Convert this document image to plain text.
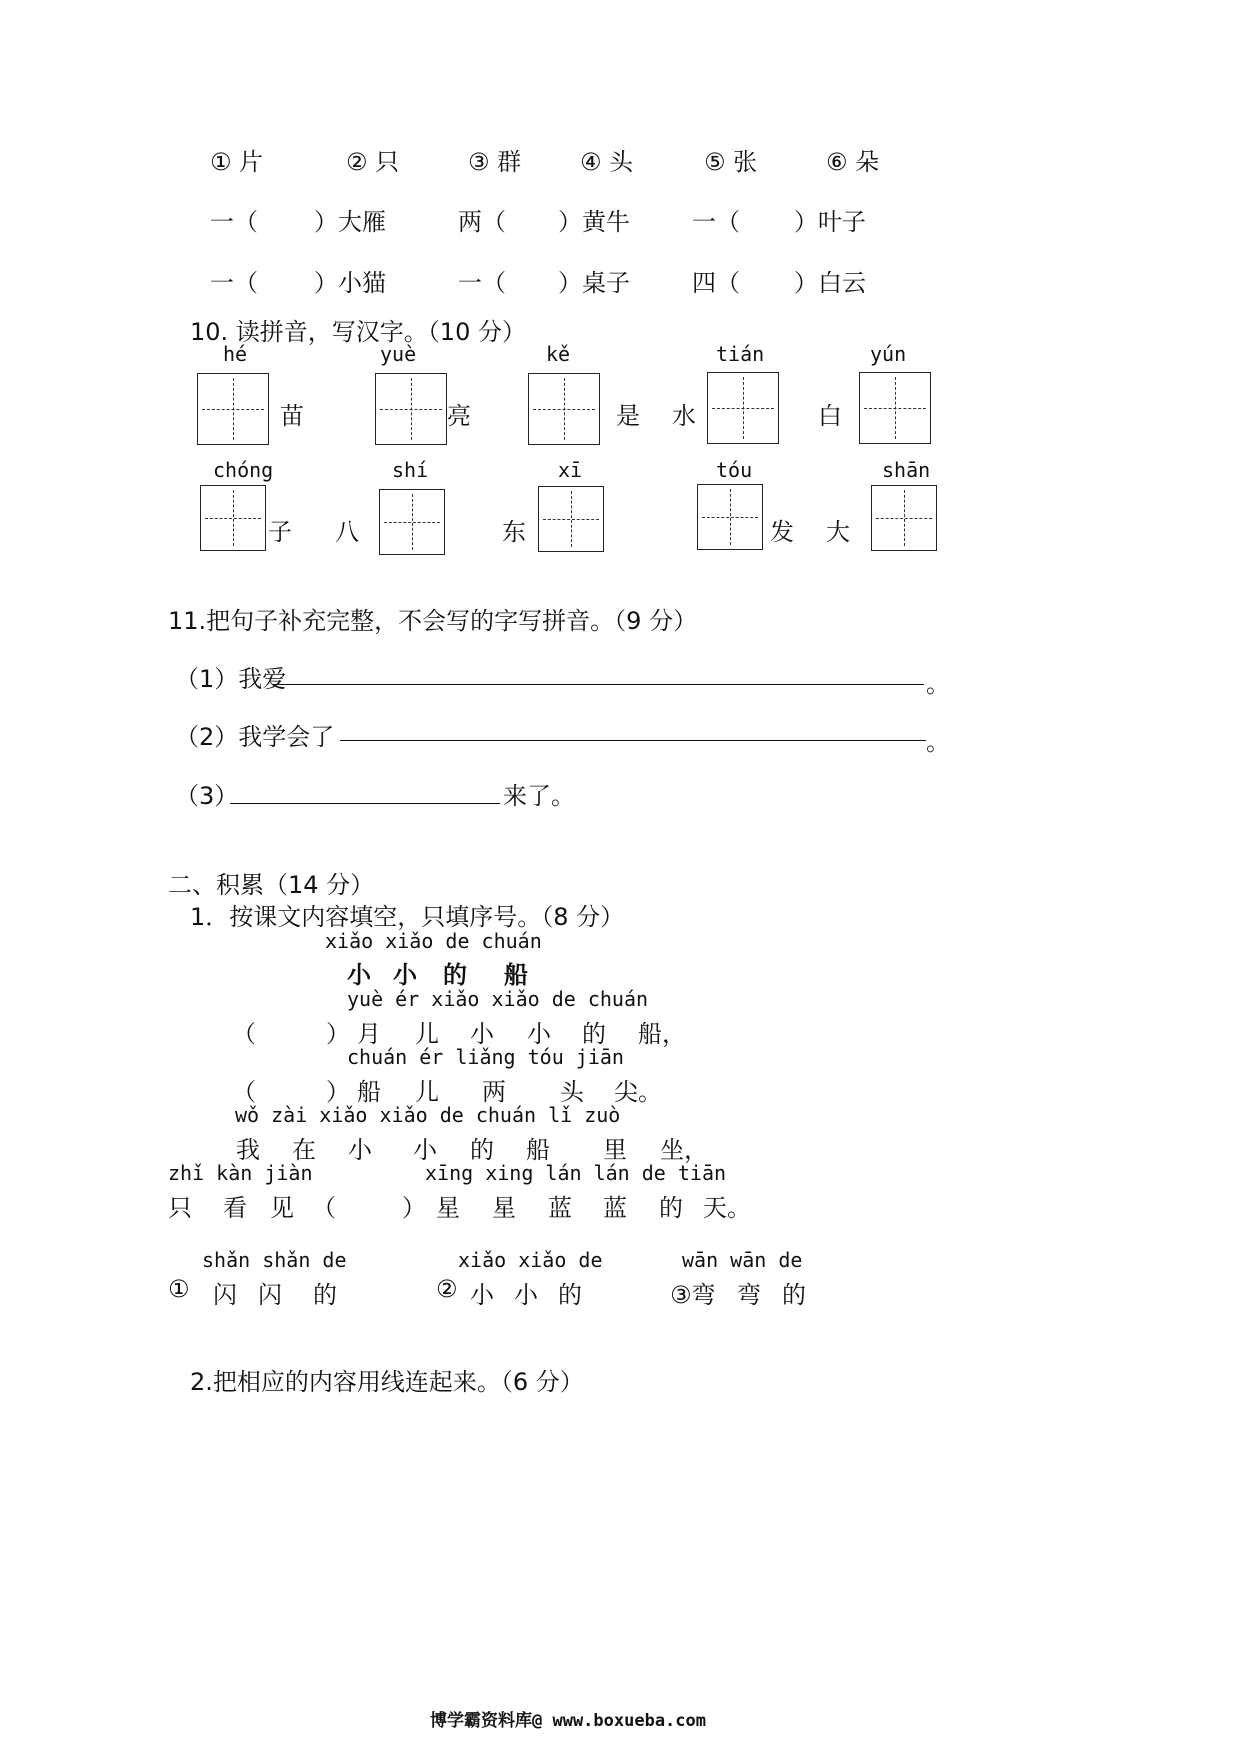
① 片	② 只	③ 群 ④ 头	⑤ 张	⑥ 朵
一（ ）大雁	两（ ）黄牛	一（ ）叶子
一（ ）小猫	一（ ）桌子	四（ ）白云
10. 读拼音，写汉字。（10 分）
hé	yuè	kě	tián	yún
苗	亮	是 水	白
chóng	shí	xī	tóu	shān
子 八	东	发 大
11.把句子补充完整，不会写的字写拼音。（9 分）
（1）我爱	。
（2）我学会了	。
（3）	来了。
二、积累（14 分）
1．按课文内容填空，只填序号。（8 分）
xiǎo xiǎo de chuán
小 小 的 船
yuè ér xiǎo xiǎo de chuán
（	） 月 儿 小 小 的 船，
chuán ér liǎng tóu jiān
（	） 船 儿 两 头 尖。
wǒ zài xiǎo xiǎo de chuán lǐ zuò
我 在 小 小 的 船 里 坐，
zhǐ kàn jiàn	xīng xing lán lán de tiān
只 看 见 （	） 星 星 蓝 蓝 的 天。
shǎn shǎn de	xiǎo xiǎo de	wān wān de
① 闪 闪 的	② 小 小 的	③弯 弯 的
2.把相应的内容用线连起来。（6 分）
博学霸资料库@ www.boxueba.com
